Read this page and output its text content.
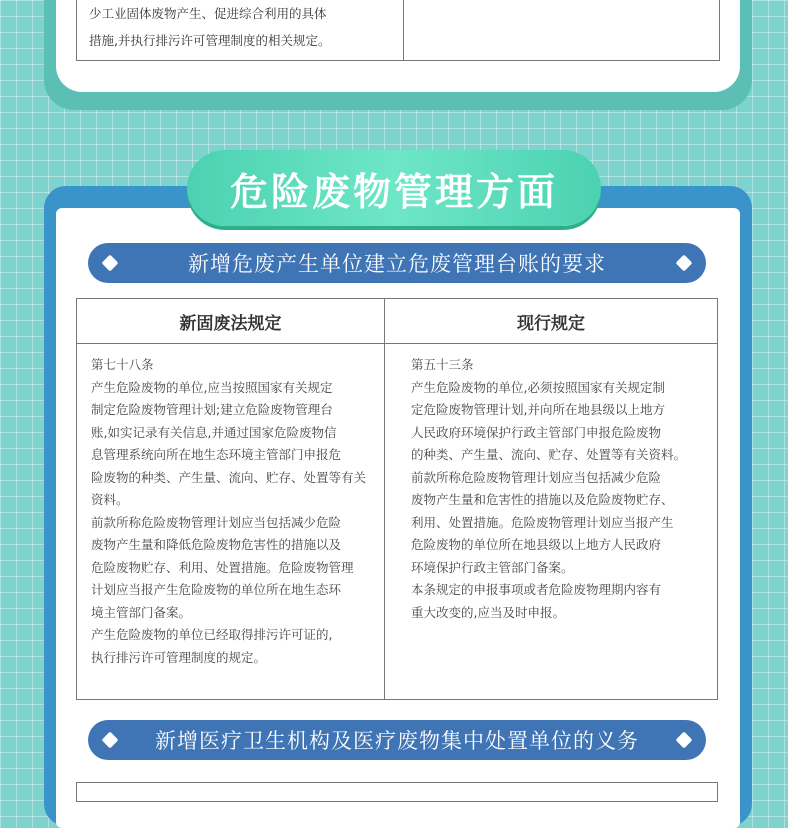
少工业固体废物产生、促进综合利用的具体
措施,并执行排污许可管理制度的相关规定。
危险废物管理方面
新增危废产生单位建立危废管理台账的要求
新固废法规定	现行规定

第七十八条

产生危险废物的单位,应当按照国家有关规定

制定危险废物管理计划;建立危险废物管理台

账,如实记录有关信息,并通过国家危险废物信

息管理系统向所在地生态环境主管部门申报危

险废物的种类、产生量、流向、贮存、处置等有关

资料。

前款所称危险废物管理计划应当包括减少危险

废物产生量和降低危险废物危害性的措施以及

危险废物贮存、利用、处置措施。危险废物管理

计划应当报产生危险废物的单位所在地生态环

境主管部门备案。

产生危险废物的单位已经取得排污许可证的,

执行排污许可管理制度的规定。

第五十三条

产生危险废物的单位,必须按照国家有关规定制

定危险废物管理计划,并向所在地县级以上地方

人民政府环境保护行政主管部门申报危险废物

的种类、产生量、流向、贮存、处置等有关资料。

前款所称危险废物管理计划应当包括减少危险

废物产生量和危害性的措施以及危险废物贮存、

利用、处置措施。危险废物管理计划应当报产生

危险废物的单位所在地县级以上地方人民政府

环境保护行政主管部门备案。

本条规定的申报事项或者危险废物理期内容有

重大改变的,应当及时申报。

新增医疗卫生机构及医疗废物集中处置单位的义务
